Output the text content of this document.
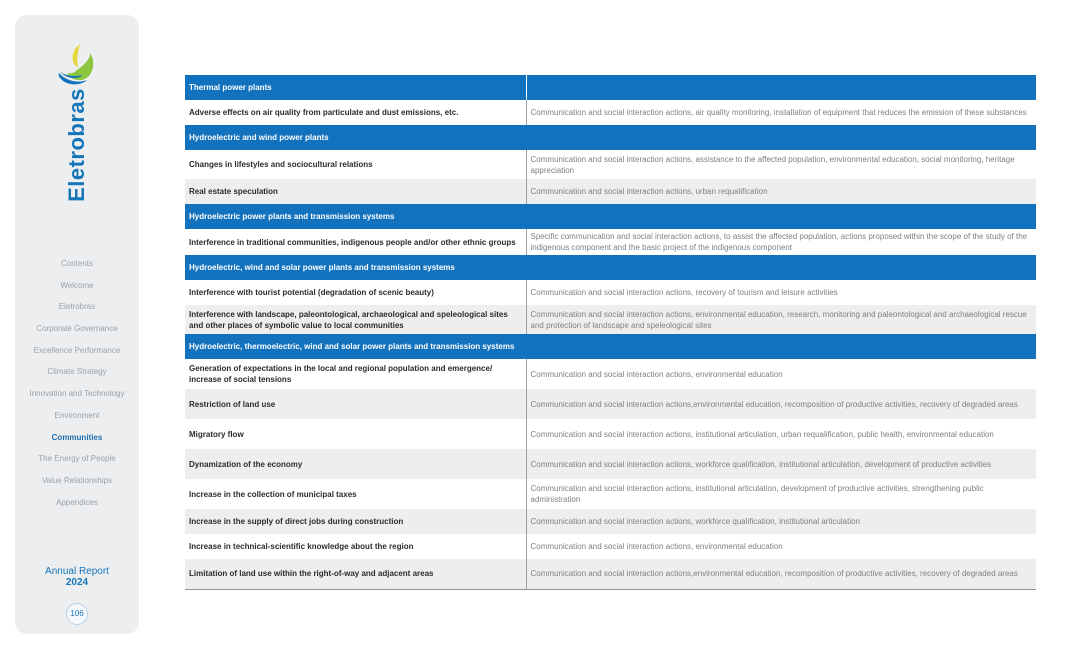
Eletrobras
Contents
Welcome
Eletrobras
Corporate Governance
Excellence Performance
Climate Strategy
Innovation and Technology
Environment
Communities
The Energy of People
Value Relationships
Appendices
Annual Report
2024
106
Thermal power plants	
Adverse effects on air quality from particulate and dust emissions, etc.	Communication and social interaction actions, air quality monitoring, installation of equipment that reduces the emission of these substances
Hydroelectric and wind power plants	
Changes in lifestyles and sociocultural relations	Communication and social interaction actions, assistance to the affected population, environmental education, social monitoring, heritage appreciation
Real estate speculation	Communication and social interaction actions, urban requalification
Hydroelectric power plants and transmission systems	
Interference in traditional communities, indigenous people and/or other ethnic groups	Specific communication and social interaction actions, to assist the affected population, actions proposed within the scope of the study of the indigenous component and the basic project of the indigenous component
Hydroelectric, wind and solar power plants and transmission systems	
Interference with tourist potential (degradation of scenic beauty)	Communication and social interaction actions, recovery of tourism and leisure activities
Interference with landscape, paleontological, archaeological and speleological sites and other places of symbolic value to local communities	Communication and social interaction actions, environmental education, research, monitoring and paleontological and archaeological rescue and protection of landscape and speleological sites
Hydroelectric, thermoelectric, wind and solar power plants and transmission systems	
Generation of expectations in the local and regional population and emergence/ increase of social tensions	Communication and social interaction actions, environmental education
Restriction of land use	Communication and social interaction actions,environmental education, recomposition of productive activities, recovery of degraded areas
Migratory flow	Communication and social interaction actions, institutional articulation, urban requalification, public health, environmental education
Dynamization of the economy	Communication and social interaction actions, workforce qualification, institutional articulation, development of productive activities
Increase in the collection of municipal taxes	Communication and social interaction actions, institutional articulation, development of productive activities, strengthening public administration
Increase in the supply of direct jobs during construction	Communication and social interaction actions, workforce qualification, institutional articulation
Increase in technical-scientific knowledge about the region	Communication and social interaction actions, environmental education
Limitation of land use within the right-of-way and adjacent areas	Communication and social interaction actions,environmental education, recomposition of productive activities, recovery of degraded areas
